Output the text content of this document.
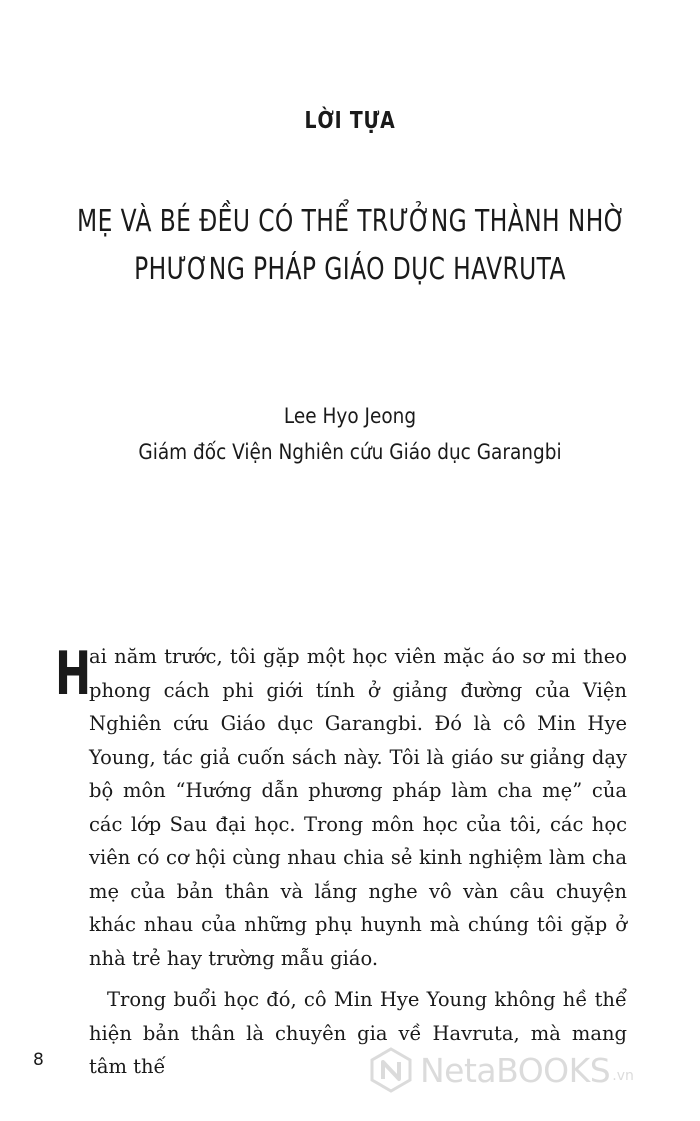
LỜI TỰA
MẸ VÀ BÉ ĐỀU CÓ THỂ TRƯỞNG THÀNH NHỜ
PHƯƠNG PHÁP GIÁO DỤC HAVRUTA
Lee Hyo Jeong
Giám đốc Viện Nghiên cứu Giáo dục Garangbi

H
ai năm trước, tôi gặp một học viên mặc áo sơ mi theo phong cách phi giới tính ở giảng đường của Viện Nghiên cứu Giáo dục Garangbi. Đó là cô Min Hye Young, tác giả cuốn sách này. Tôi là giáo sư giảng dạy bộ môn “Hướng dẫn phương pháp làm cha mẹ” của các lớp Sau đại học. Trong môn học của tôi, các học viên có cơ hội cùng nhau chia sẻ kinh nghiệm làm cha mẹ của bản thân và lắng nghe vô vàn câu chuyện khác nhau của những phụ huynh mà chúng tôi gặp ở nhà trẻ hay trường mẫu giáo.

Trong buổi học đó, cô Min Hye Young không hề thể hiện bản thân là chuyên gia về Havruta, mà mang tâm thế

8	NetaBOOKS .vn
